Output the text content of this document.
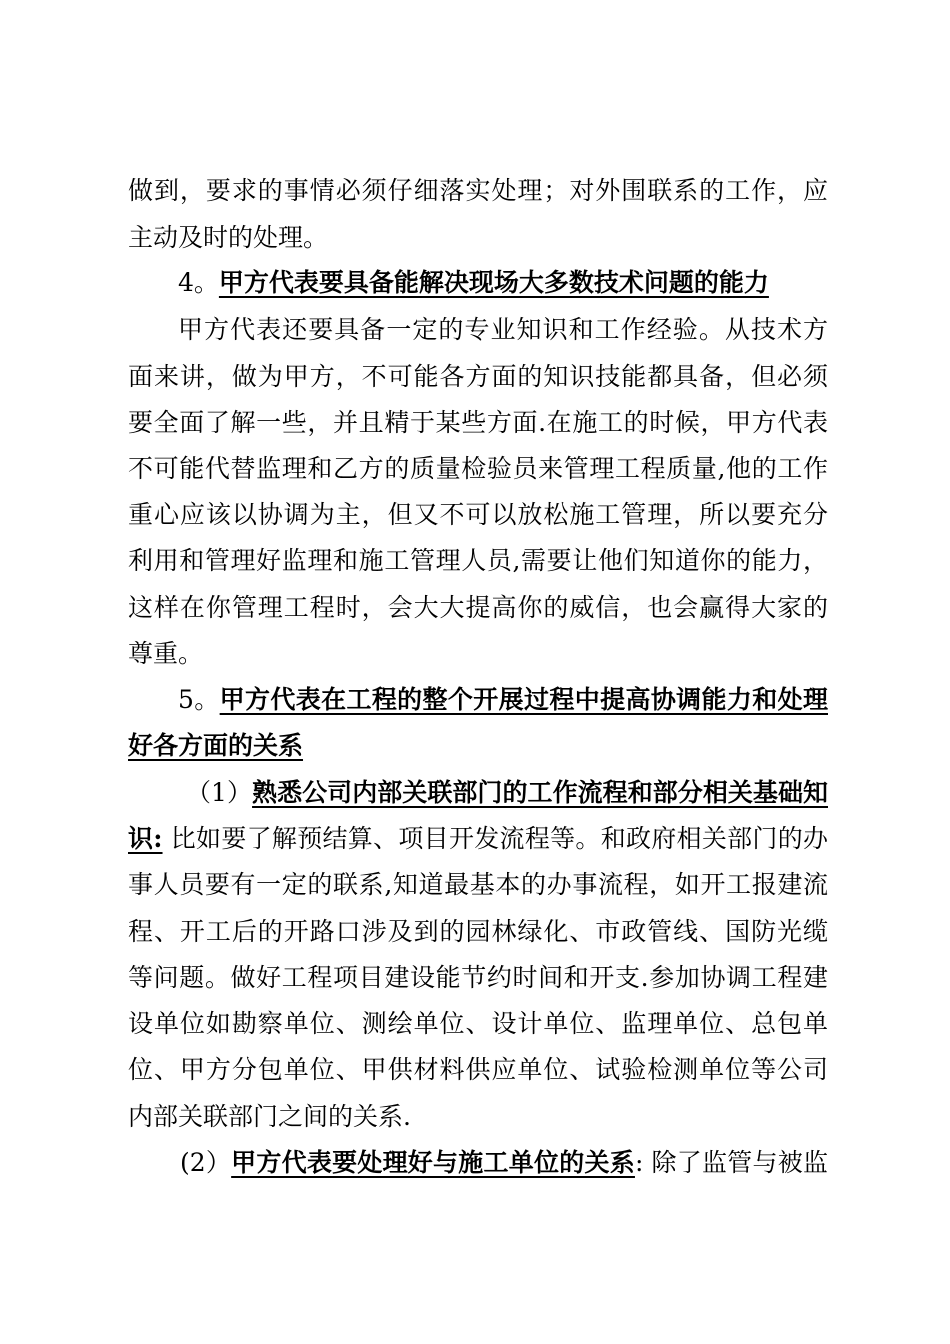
做到，要求的事情必须仔细落实处理；对外围联系的工作，应
主动及时的处理。
4。甲方代表要具备能解决现场大多数技术问题的能力
甲方代表还要具备一定的专业知识和工作经验。从技术方
面来讲，做为甲方，不可能各方面的知识技能都具备，但必须
要全面了解一些，并且精于某些方面.在施工的时候，甲方代表
不可能代替监理和乙方的质量检验员来管理工程质量,他的工作
重心应该以协调为主，但又不可以放松施工管理，所以要充分
利用和管理好监理和施工管理人员,需要让他们知道你的能力，
这样在你管理工程时，会大大提高你的威信，也会赢得大家的
尊重。
5。甲方代表在工程的整个开展过程中提高协调能力和处理
好各方面的关系
（1）熟悉公司内部关联部门的工作流程和部分相关基础知
识: 比如要了解预结算、项目开发流程等。和政府相关部门的办
事人员要有一定的联系,知道最基本的办事流程，如开工报建流
程、开工后的开路口涉及到的园林绿化、市政管线、国防光缆
等问题。做好工程项目建设能节约时间和开支.参加协调工程建
设单位如勘察单位、测绘单位、设计单位、监理单位、总包单
位、甲方分包单位、甲供材料供应单位、试验检测单位等公司
内部关联部门之间的关系.
(2）甲方代表要处理好与施工单位的关系: 除了监管与被监
